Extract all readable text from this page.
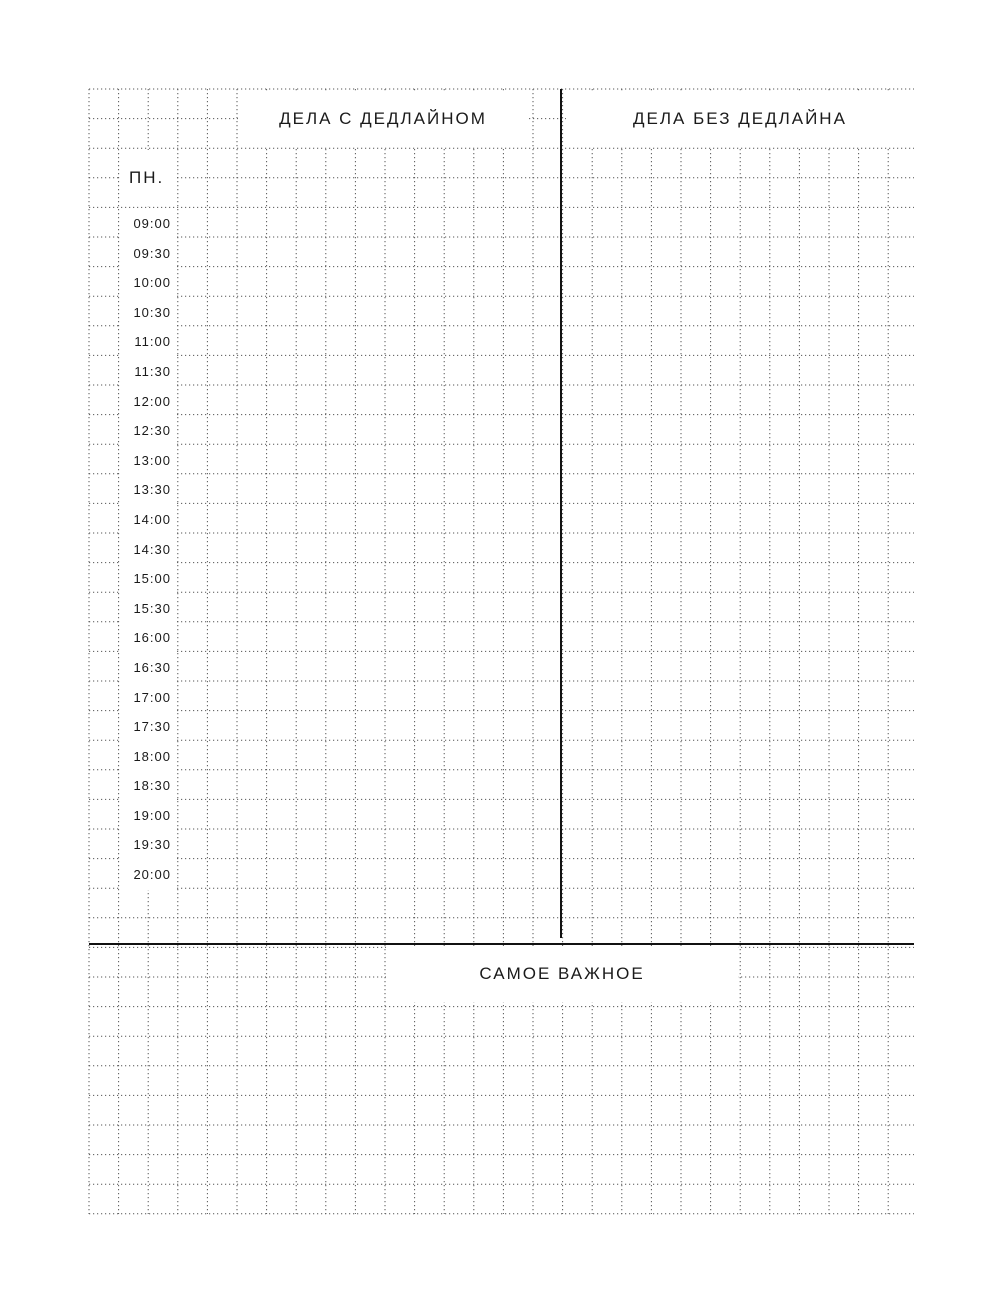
ДЕЛА С ДЕДЛАЙНОМ	ДЕЛА БЕЗ ДЕДЛАЙНА
САМОЕ ВАЖНОЕ
ПН.
09:00
09:30
10:00
10:30
11:00
11:30
12:00
12:30
13:00
13:30
14:00
14:30
15:00
15:30
16:00
16:30
17:00
17:30
18:00
18:30
19:00
19:30
20:00
